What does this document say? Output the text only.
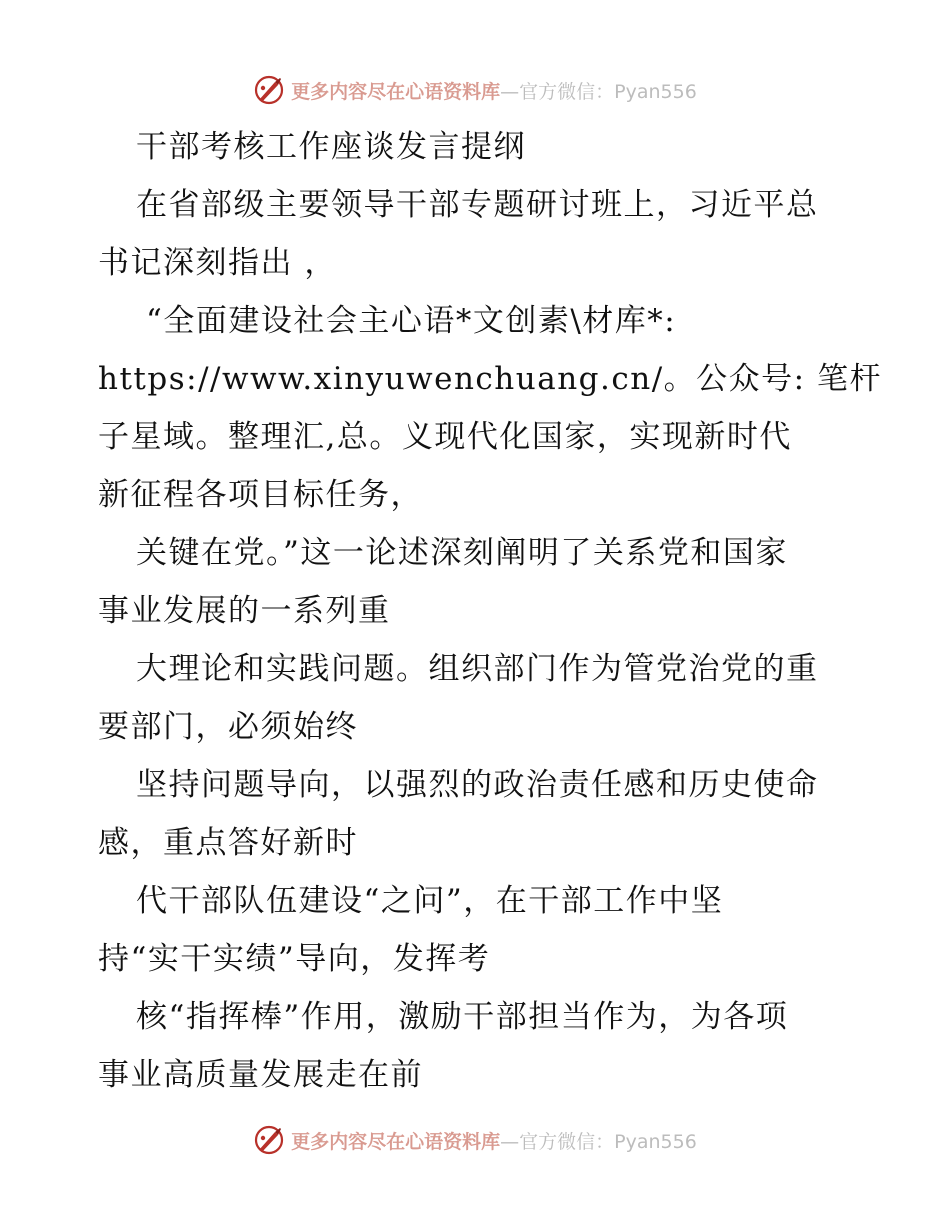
更多内容尽在心语资料库 —官方微信：Pyan556
干部考核工作座谈发言提纲
在省部级主要领导干部专题研讨班上，习近平总
书记深刻指出 ，
“全面建设社会主心语*文创素\材库*:
https://www.xinyuwenchuang.cn/。公众号: 笔杆
子星域。整理汇,总。义现代化国家，实现新时代
新征程各项目标任务，
关键在党。”这一论述深刻阐明了关系党和国家
事业发展的一系列重
大理论和实践问题。组织部门作为管党治党的重
要部门，必须始终
坚持问题导向，以强烈的政治责任感和历史使命
感，重点答好新时
代干部队伍建设“之问”，在干部工作中坚
持“实干实绩”导向，发挥考
核“指挥棒”作用，激励干部担当作为，为各项
事业高质量发展走在前
更多内容尽在心语资料库 —官方微信：Pyan556
